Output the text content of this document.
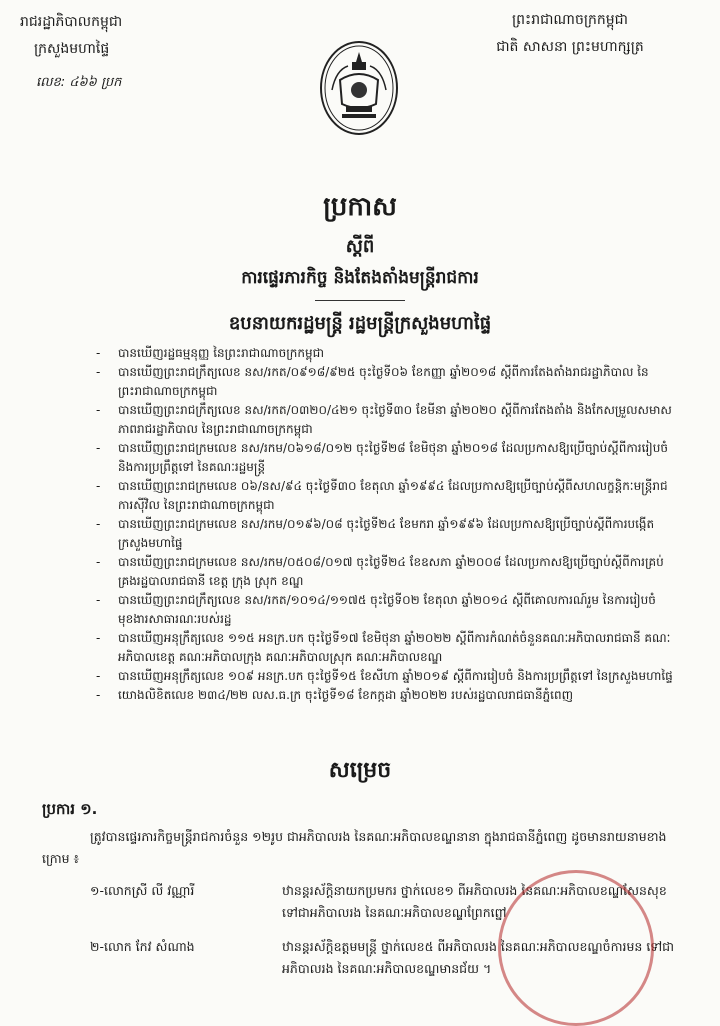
រាជរដ្ឋាភិបាលកម្ពុជា
ក្រសួងមហាផ្ទៃ
លេខ: ៤៦៦ ប្រក
ព្រះរាជាណាចក្រកម្ពុជា
ជាតិ សាសនា ព្រះមហាក្សត្រ
ប្រកាស
ស្តីពី
ការផ្ទេរភារកិច្ច និងតែងតាំងមន្ត្រីរាជការ
ឧបនាយករដ្ឋមន្ត្រី រដ្ឋមន្ត្រីក្រសួងមហាផ្ទៃ
-	បានឃើញរដ្ឋធម្មនុញ្ញ នៃព្រះរាជាណាចក្រកម្ពុជា
-	បានឃើញព្រះរាជក្រឹត្យលេខ នស/រកត/០៩១៨/៩២៥ ចុះថ្ងៃទី០៦ ខែកញ្ញា ឆ្នាំ២០១៨ ស្តីពីការតែងតាំងរាជរដ្ឋាភិបាល នៃព្រះរាជាណាចក្រកម្ពុជា
-	បានឃើញព្រះរាជក្រឹត្យលេខ នស/រកត/០៣២០/៤២១ ចុះថ្ងៃទី៣០ ខែមីនា ឆ្នាំ២០២០ ស្តីពីការតែងតាំង និងកែសម្រួលសមាសភាពរាជរដ្ឋាភិបាល នៃព្រះរាជាណាចក្រកម្ពុជា
-	បានឃើញព្រះរាជក្រមលេខ នស/រកម/០៦១៨/០១២ ចុះថ្ងៃទី២៨ ខែមិថុនា ឆ្នាំ២០១៨ ដែលប្រកាសឱ្យប្រើច្បាប់ស្តីពីការរៀបចំ និងការប្រព្រឹត្តទៅ នៃគណៈរដ្ឋមន្ត្រី
-	បានឃើញព្រះរាជក្រមលេខ ០៦/នស/៩៤ ចុះថ្ងៃទី៣០ ខែតុលា ឆ្នាំ១៩៩៤ ដែលប្រកាសឱ្យប្រើច្បាប់ស្តីពីសហលក្ខន្តិកៈមន្ត្រីរាជការស៊ីវិល នៃព្រះរាជាណាចក្រកម្ពុជា
-	បានឃើញព្រះរាជក្រមលេខ នស/រកម/០១៩៦/០៨ ចុះថ្ងៃទី២៤ ខែមករា ឆ្នាំ១៩៩៦ ដែលប្រកាសឱ្យប្រើច្បាប់ស្តីពីការបង្កើតក្រសួងមហាផ្ទៃ
-	បានឃើញព្រះរាជក្រមលេខ នស/រកម/០៥០៨/០១៧ ចុះថ្ងៃទី២៤ ខែឧសភា ឆ្នាំ២០០៨ ដែលប្រកាសឱ្យប្រើច្បាប់ស្តីពីការគ្រប់គ្រងរដ្ឋបាលរាជធានី ខេត្ត ក្រុង ស្រុក ខណ្ឌ
-	បានឃើញព្រះរាជក្រឹត្យលេខ នស/រកត/១០១៤/១១៧៥ ចុះថ្ងៃទី០២ ខែតុលា ឆ្នាំ២០១៤ ស្តីពីគោលការណ៍រួម នៃការរៀបចំមុខងារសាធារណៈរបស់រដ្ឋ
-	បានឃើញអនុក្រឹត្យលេខ ១១៥ អនក្រ.បក ចុះថ្ងៃទី១៧ ខែមិថុនា ឆ្នាំ២០២២ ស្តីពីការកំណត់ចំនួនគណៈអភិបាលរាជធានី គណៈអភិបាលខេត្ត គណៈអភិបាលក្រុង គណៈអភិបាលស្រុក គណៈអភិបាលខណ្ឌ
-	បានឃើញអនុក្រឹត្យលេខ ១០៩ អនក្រ.បក ចុះថ្ងៃទី១៥ ខែសីហា ឆ្នាំ២០១៩ ស្តីពីការរៀបចំ និងការប្រព្រឹត្តទៅ នៃក្រសួងមហាផ្ទៃ
-	យោងលិខិតលេខ ២៣៤/២២ លស.ធ.ក្រ ចុះថ្ងៃទី១៨ ខែកក្កដា ឆ្នាំ២០២២ របស់រដ្ឋបាលរាជធានីភ្នំពេញ
សម្រេច
ប្រការ ១.
ត្រូវបានផ្ទេរភារកិច្ចមន្ត្រីរាជការចំនួន ១២រូប ជាអភិបាលរង នៃគណៈអភិបាលខណ្ឌនានា ក្នុងរាជធានីភ្នំពេញ ដូចមានរាយនាមខាងក្រោម ៖
១-លោកស្រី លី វណ្ណារី	ឋានន្តរស័ក្តិនាយកប្រមករ ថ្នាក់លេខ១ ពីអភិបាលរង នៃគណៈអភិបាលខណ្ឌសែនសុខ ទៅជាអភិបាលរង នៃគណៈអភិបាលខណ្ឌព្រែកព្នៅ
២-លោក កែវ សំណាង	ឋានន្តរស័ក្តិឧត្តមមន្ត្រី ថ្នាក់លេខ៥ ពីអភិបាលរង នៃគណៈអភិបាលខណ្ឌចំការមន ទៅជាអភិបាលរង នៃគណៈអភិបាលខណ្ឌមានជ័យ ។
